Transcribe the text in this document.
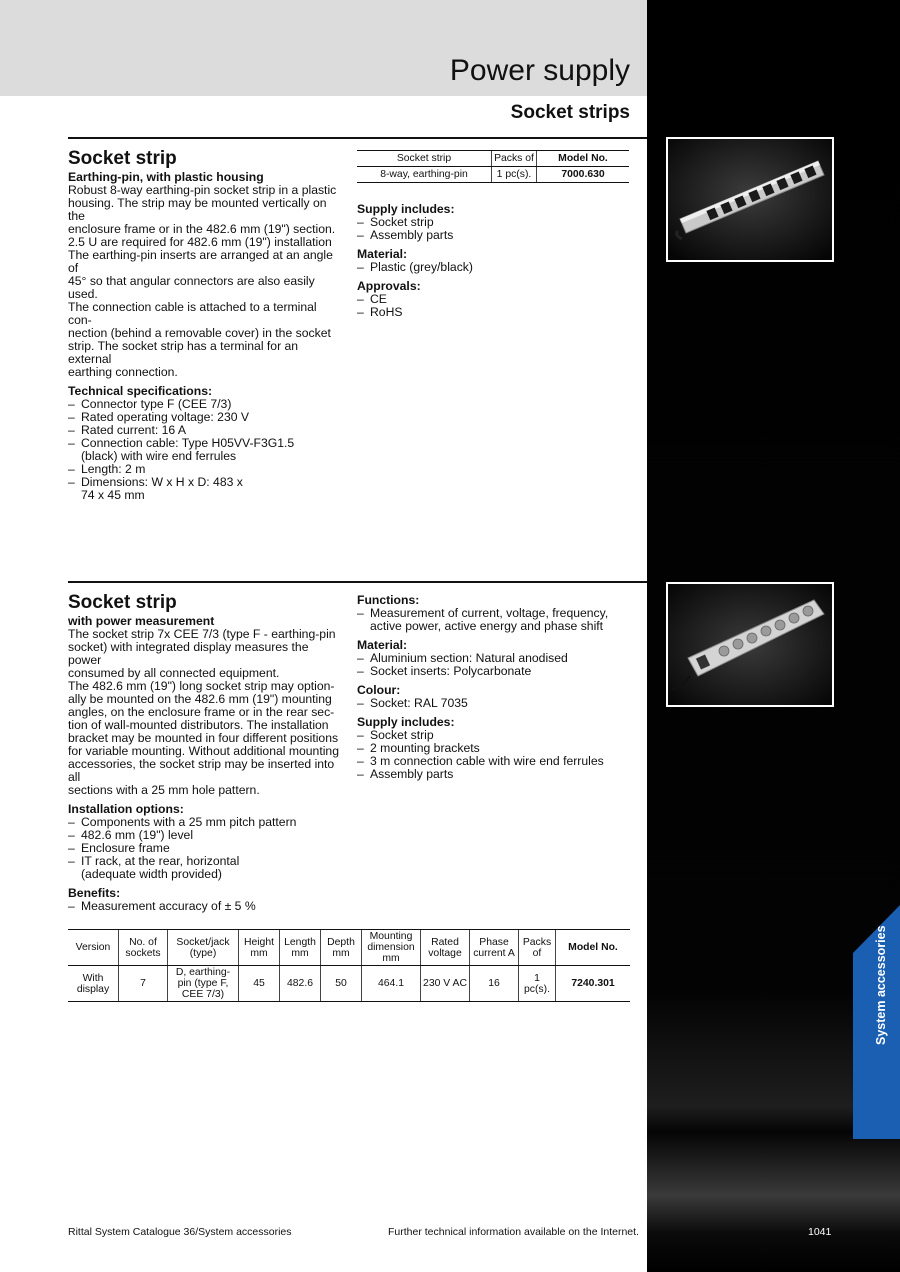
Power supply
Socket strips
Socket strip
Earthing-pin, with plastic housing
Robust 8-way earthing-pin socket strip in a plastic
housing. The strip may be mounted vertically on the
enclosure frame or in the 482.6 mm (19") section.
2.5 U are required for 482.6 mm (19") installation
The earthing-pin inserts are arranged at an angle of
45° so that angular connectors are also easily used.
The connection cable is attached to a terminal con-
nection (behind a removable cover) in the socket
strip. The socket strip has a terminal for an external
earthing connection.
Technical specifications:
– Connector type F (CEE 7/3)
– Rated operating voltage: 230 V
– Rated current: 16 A
– Connection cable: Type H05VV-F3G1.5 (black) with wire end ferrules
– Length: 2 m
– Dimensions: W x H x D: 483 x 74 x 45 mm
Socket strip	Packs of	Model No.
8-way, earthing-pin	1 pc(s).	7000.630
Supply includes:
– Socket strip
– Assembly parts
Material:
– Plastic (grey/black)
Approvals:
– CE
– RoHS
Socket strip
with power measurement
The socket strip 7x CEE 7/3 (type F - earthing-pin
socket) with integrated display measures the power
consumed by all connected equipment.
The 482.6 mm (19") long socket strip may option-
ally be mounted on the 482.6 mm (19") mounting
angles, on the enclosure frame or in the rear sec-
tion of wall-mounted distributors. The installation
bracket may be mounted in four different positions
for variable mounting. Without additional mounting
accessories, the socket strip may be inserted into all
sections with a 25 mm hole pattern.
Installation options:
– Components with a 25 mm pitch pattern
– 482.6 mm (19") level
– Enclosure frame
– IT rack, at the rear, horizontal (adequate width provided)
Benefits:
– Measurement accuracy of ± 5 %
Functions:
– Measurement of current, voltage, frequency, active power, active energy and phase shift
Material:
– Aluminium section: Natural anodised
– Socket inserts: Polycarbonate
Colour:
– Socket: RAL 7035
Supply includes:
– Socket strip
– 2 mounting brackets
– 3 m connection cable with wire end ferrules
– Assembly parts
Version	No. of sockets	Socket/jack (type)	Height mm	Length mm	Depth mm	Mounting dimension mm	Rated voltage	Phase current A	Packs of	Model No.
With display	7	D, earthing-pin (type F, CEE 7/3)	45	482.6	50	464.1	230 V AC	16	1 pc(s).	7240.301	System accessories
Rittal System Catalogue 36/System accessories	Further technical information available on the Internet.	1041
